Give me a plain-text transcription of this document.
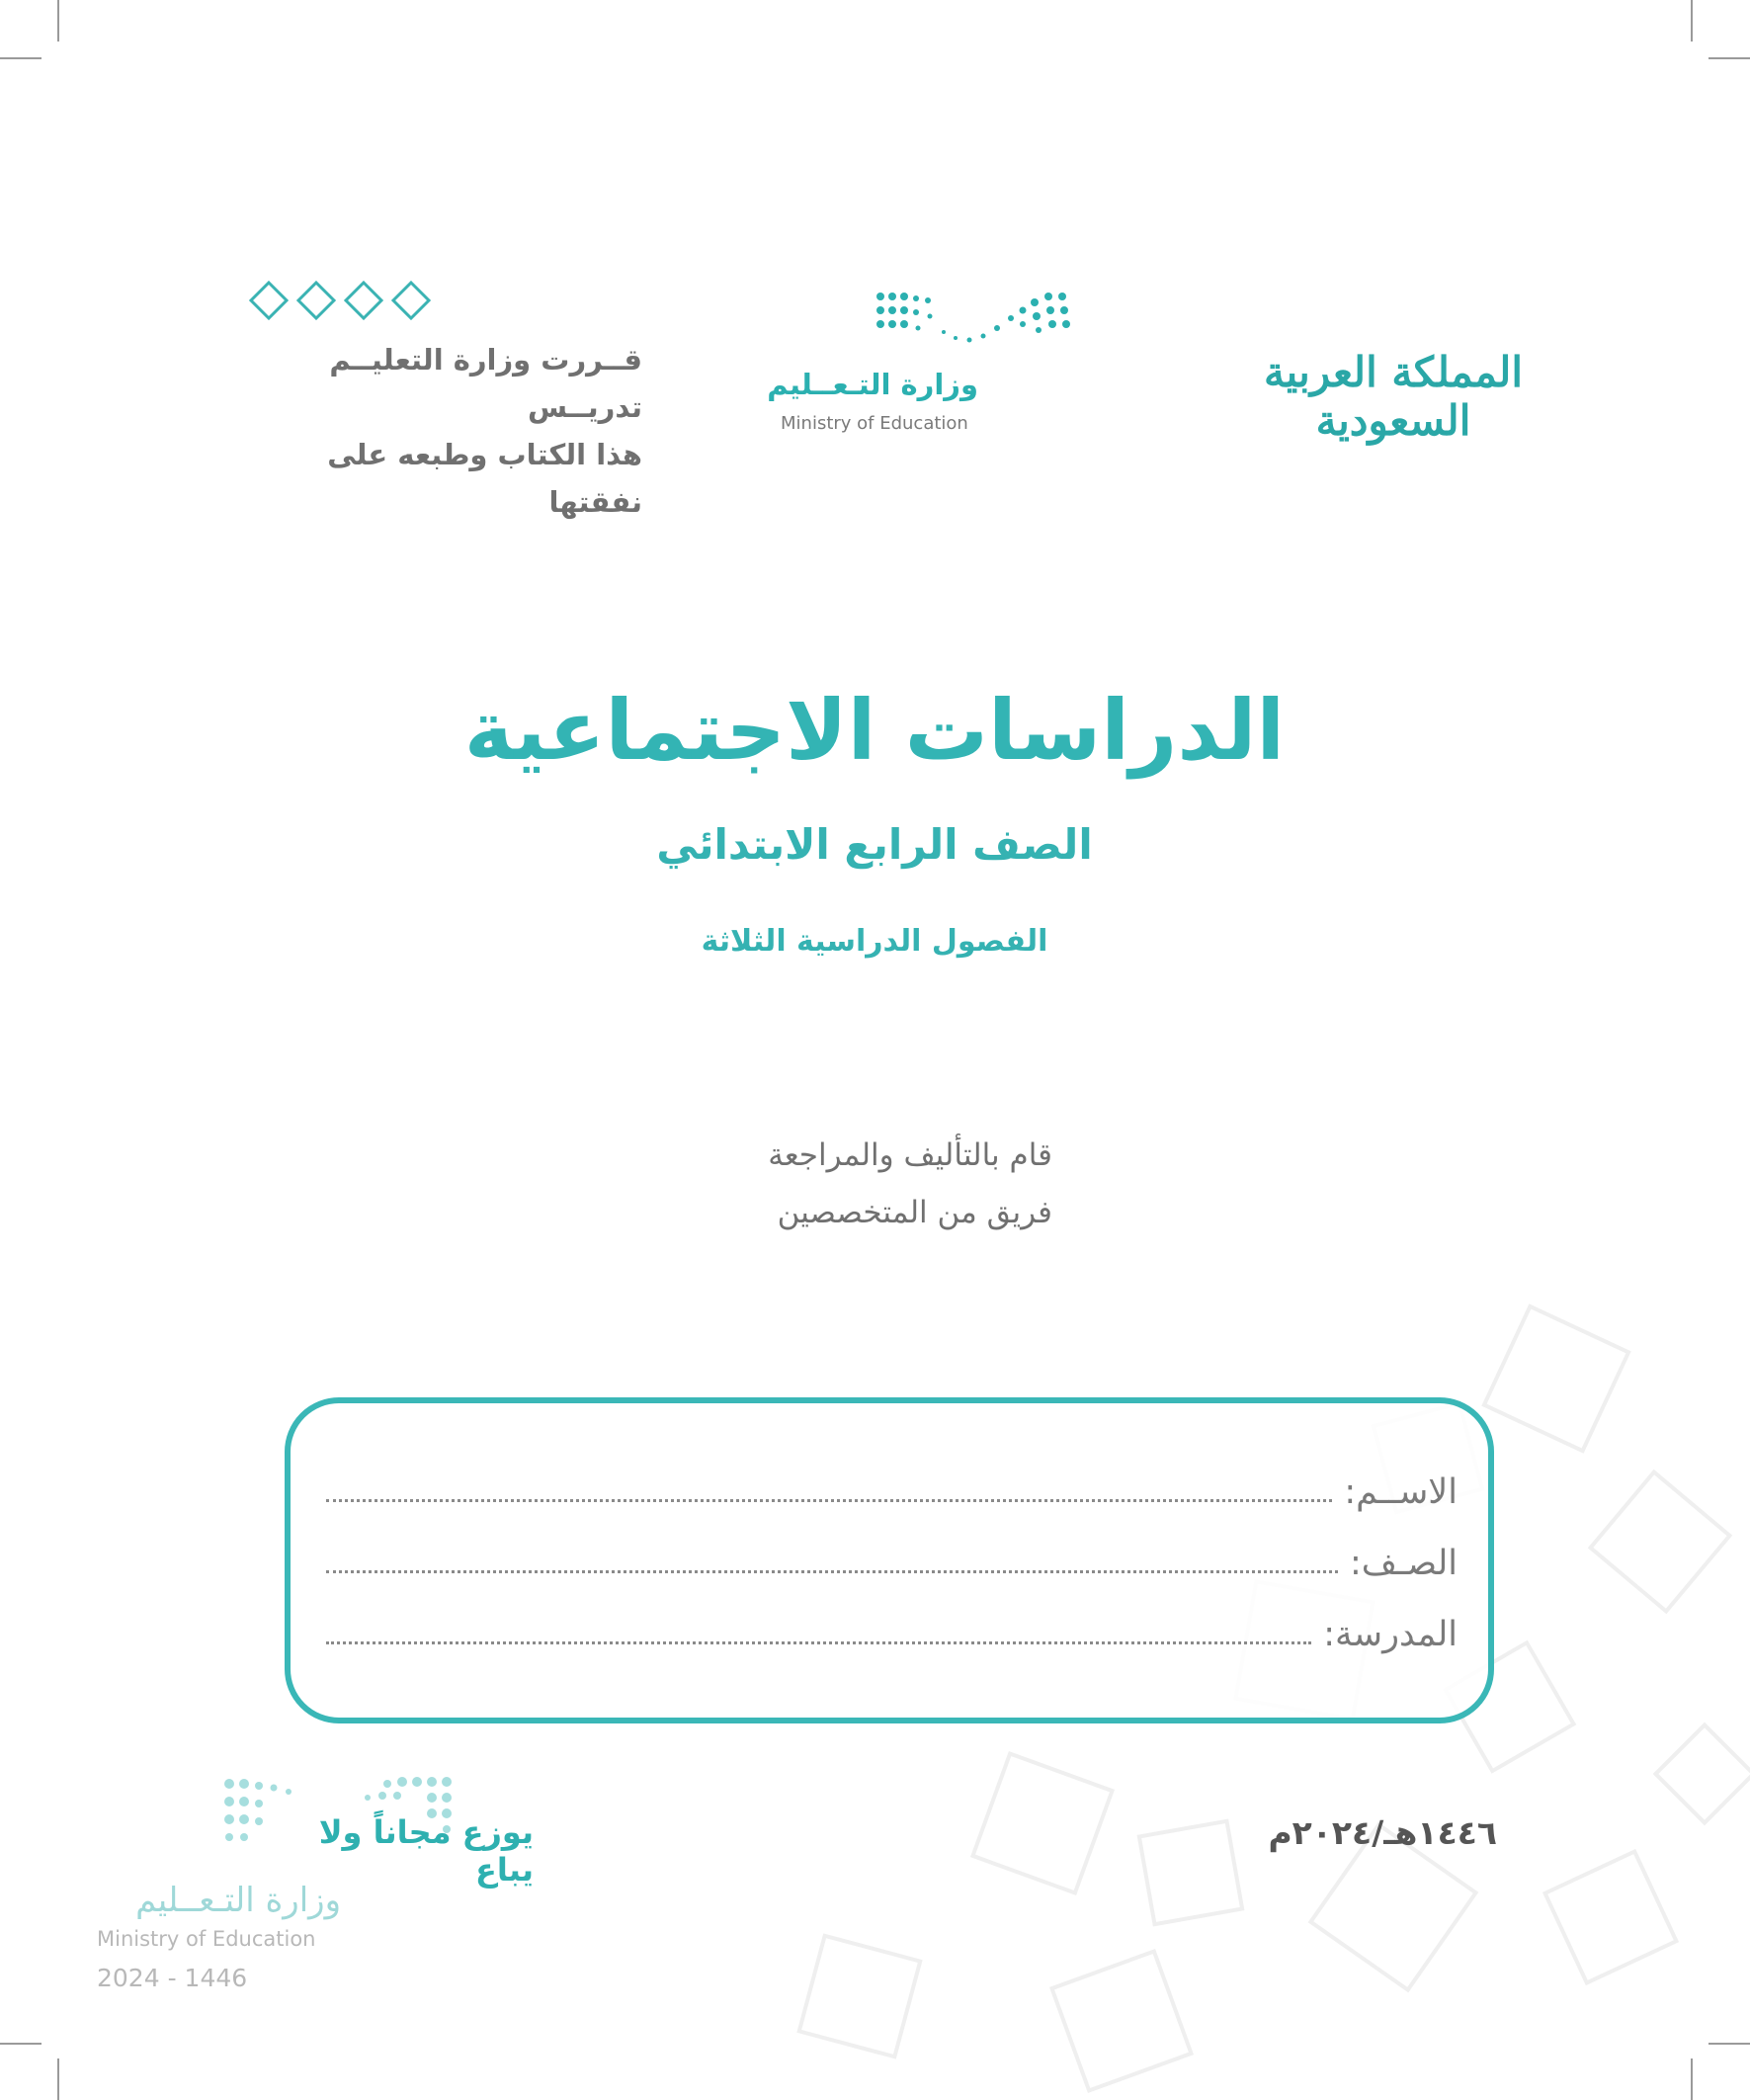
قــررت وزارة التعليــم تدريــس
هذا الكتاب وطبعه على نفقتها
وزارة التـعــليم
Ministry of Education
المملكة العربية السعودية
الدراسات الاجتماعية
الصف الرابع الابتدائي
الفصول الدراسية الثلاثة
قام بالتأليف والمراجعة
فريق من المتخصصين
الاســم:
الصـف:
المدرسة:
يوزع مجاناً ولا يباع
١٤٤٦هـ/٢٠٢٤م
وزارة التـعــليم
Ministry of Education
2024 - 1446
